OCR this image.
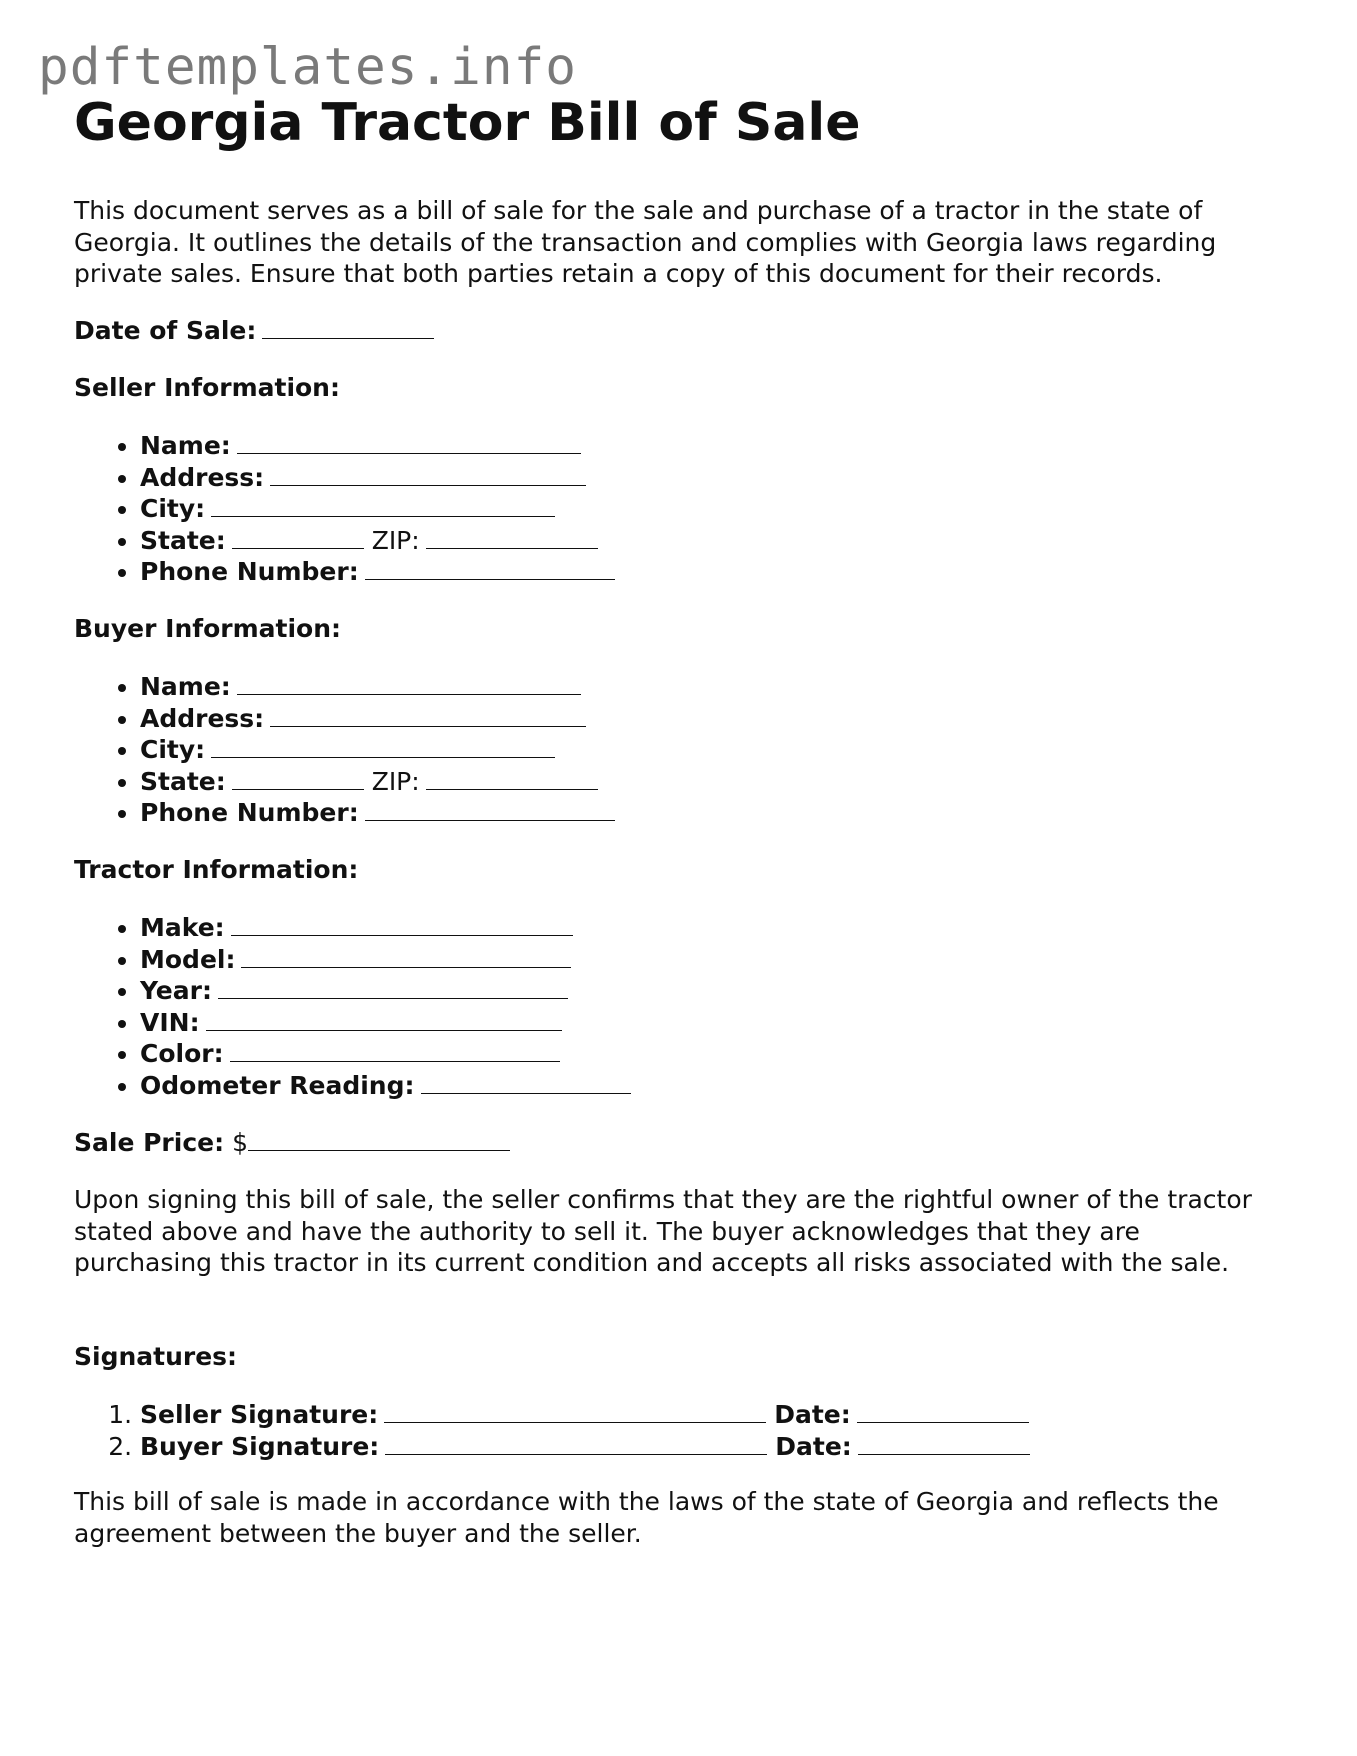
pdftemplates.info
Georgia Tractor Bill of Sale

This document serves as a bill of sale for the sale and purchase of a tractor in the state of Georgia. It outlines the details of the transaction and complies with Georgia laws regarding private sales. Ensure that both parties retain a copy of this document for their records.

Date of Sale:

Seller Information:

• Name:
• Address:
• City:
• State:	ZIP:
• Phone Number:

Buyer Information:

• Name:
• Address:
• City:
• State:	ZIP:
• Phone Number:

Tractor Information:

• Make:
• Model:
• Year:
• VIN:
• Color:
• Odometer Reading:

Sale Price: $

Upon signing this bill of sale, the seller confirms that they are the rightful owner of the tractor stated above and have the authority to sell it. The buyer acknowledges that they are purchasing this tractor in its current condition and accepts all risks associated with the sale.

Signatures:

1. Seller Signature:	Date:
2. Buyer Signature:	Date:

This bill of sale is made in accordance with the laws of the state of Georgia and reflects the agreement between the buyer and the seller.
